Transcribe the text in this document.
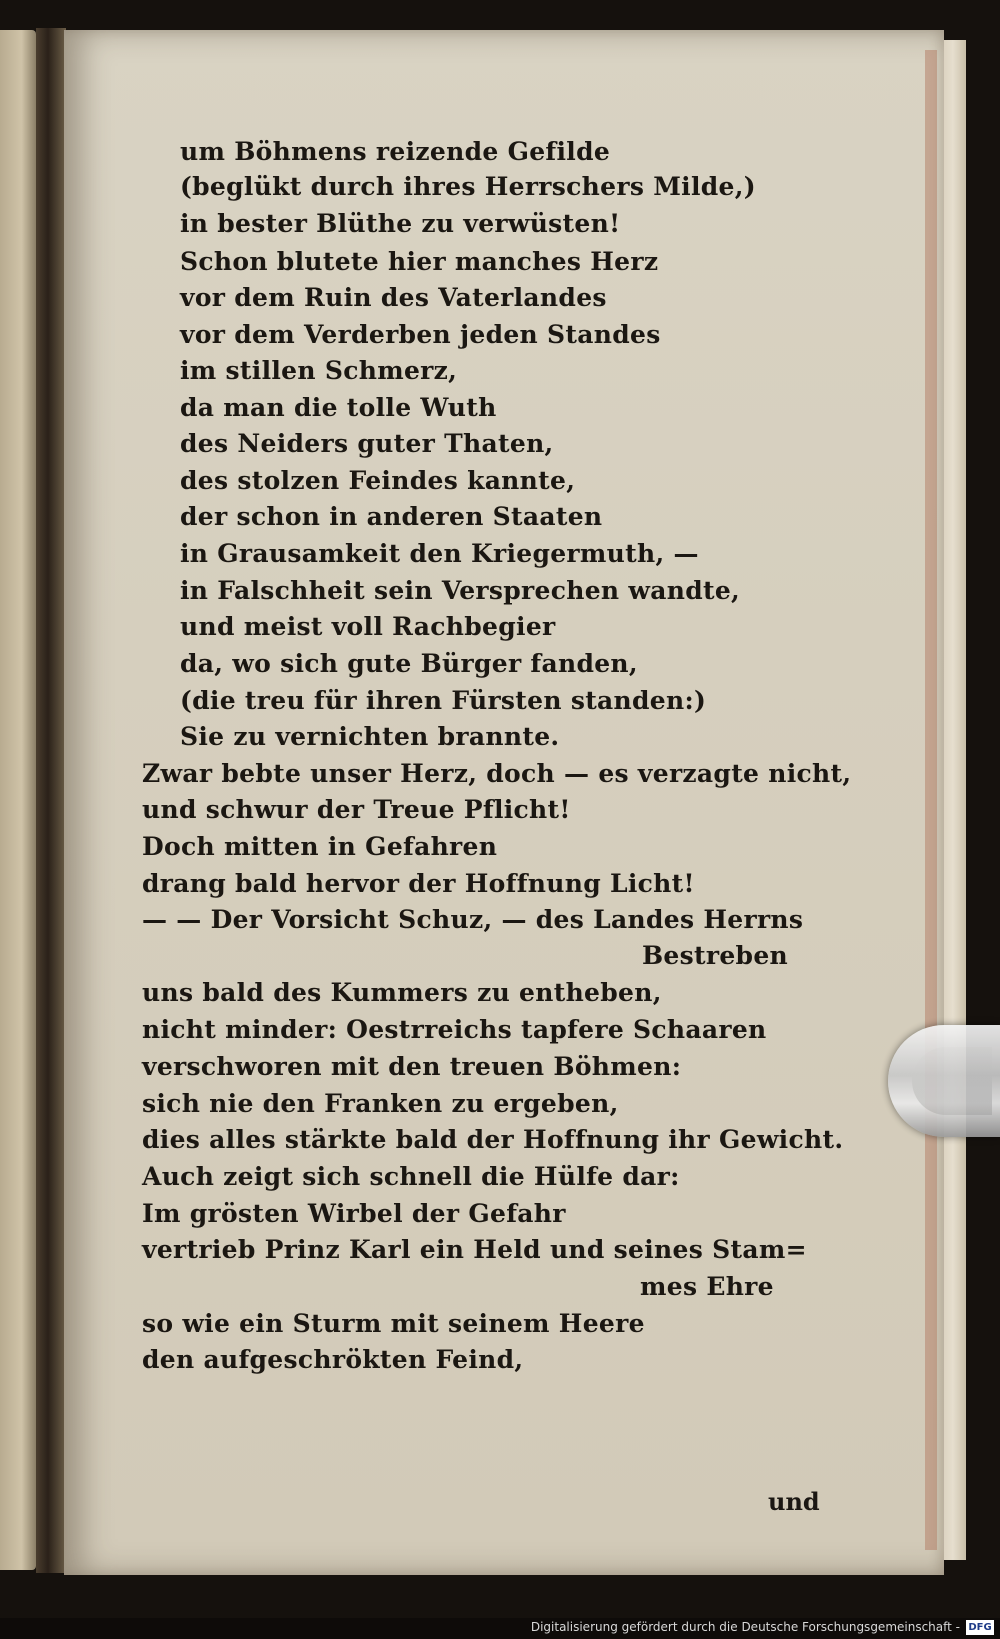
um Böhmens reizende Gefilde
(beglükt durch ihres Herrschers Milde,)
in bester Blüthe zu verwüsten!
Schon blutete hier manches Herz
vor dem Ruin des Vaterlandes
vor dem Verderben jeden Standes
im stillen Schmerz,
da man die tolle Wuth
des Neiders guter Thaten,
des stolzen Feindes kannte,
der schon in anderen Staaten
in Grausamkeit den Kriegermuth, —
in Falschheit sein Versprechen wandte,
und meist voll Rachbegier
da, wo sich gute Bürger fanden,
(die treu für ihren Fürsten standen:)
Sie zu vernichten brannte.
Zwar bebte unser Herz, doch — es verzagte nicht,
und schwur der Treue Pflicht!
Doch mitten in Gefahren
drang bald hervor der Hoffnung Licht!
— — Der Vorsicht Schuz, — des Landes Herrns
Bestreben
uns bald des Kummers zu entheben,
nicht minder: Oestrreichs tapfere Schaaren
verschworen mit den treuen Böhmen:
sich nie den Franken zu ergeben,
dies alles stärkte bald der Hoffnung ihr Gewicht.
Auch zeigt sich schnell die Hülfe dar:
Im grösten Wirbel der Gefahr
vertrieb Prinz Karl ein Held und seines Stam=
mes Ehre
so wie ein Sturm mit seinem Heere
den aufgeschrökten Feind,
und
Digitalisierung gefördert durch die Deutsche Forschungsgemeinschaft - DFG
